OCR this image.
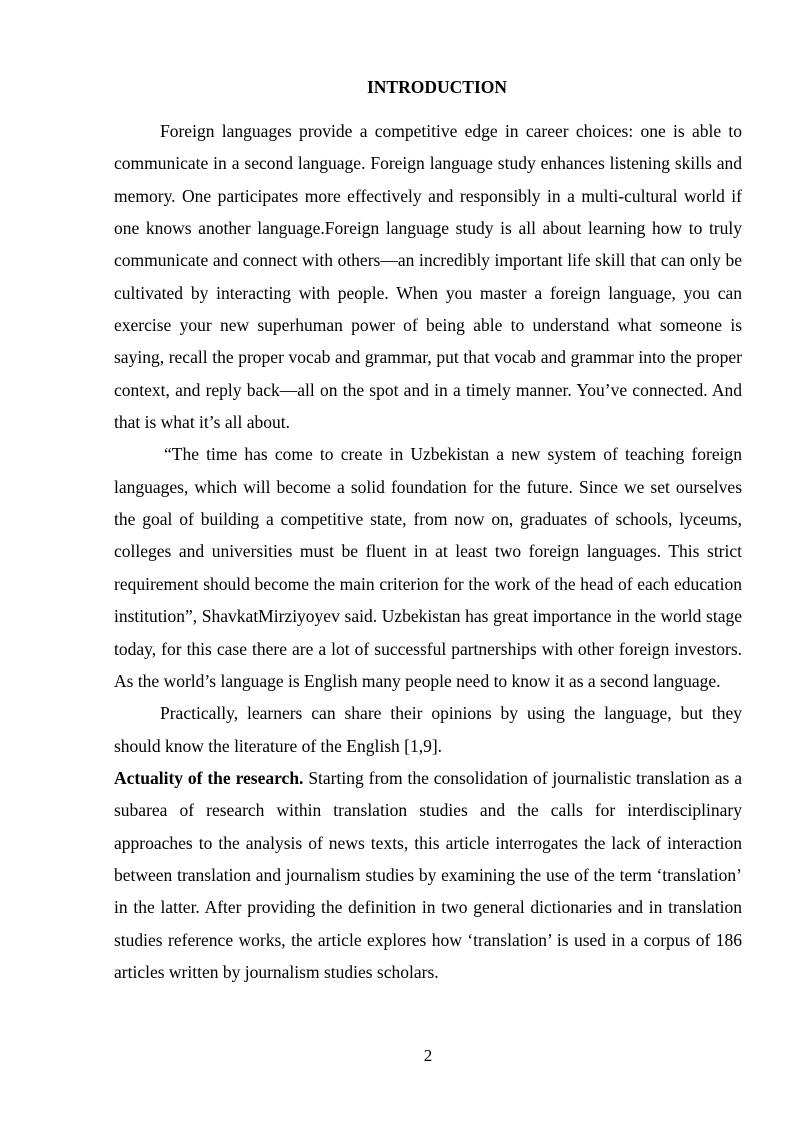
INTRODUCTION

Foreign languages provide a competitive edge in career choices: one is able to communicate in a second language. Foreign language study enhances listening skills and memory. One participates more effectively and responsibly in a multi-cultural world if one knows another language.Foreign language study is all about learning how to truly communicate and connect with others—an incredibly important life skill that can only be cultivated by interacting with people. When you master a foreign language, you can exercise your new superhuman power of being able to understand what someone is saying, recall the proper vocab and grammar, put that vocab and grammar into the proper context, and reply back—all on the spot and in a timely manner. You’ve connected. And that is what it’s all about.

“The time has come to create in Uzbekistan a new system of teaching foreign languages, which will become a solid foundation for the future. Since we set ourselves the goal of building a competitive state, from now on, graduates of schools, lyceums, colleges and universities must be fluent in at least two foreign languages. This strict requirement should become the main criterion for the work of the head of each education institution”, ShavkatMirziyoyev said. Uzbekistan has great importance in the world stage today, for this case there are a lot of successful partnerships with other foreign investors. As the world’s language is English many people need to know it as a second language.

Practically, learners can share their opinions by using the language, but they should know the literature of the English [1,9].

Actuality of the research. Starting from the consolidation of journalistic translation as a subarea of research within translation studies and the calls for interdisciplinary approaches to the analysis of news texts, this article interrogates the lack of interaction between translation and journalism studies by examining the use of the term ‘translation’ in the latter. After providing the definition in two general dictionaries and in translation studies reference works, the article explores how ‘translation’ is used in a corpus of 186 articles written by journalism studies scholars.

2
